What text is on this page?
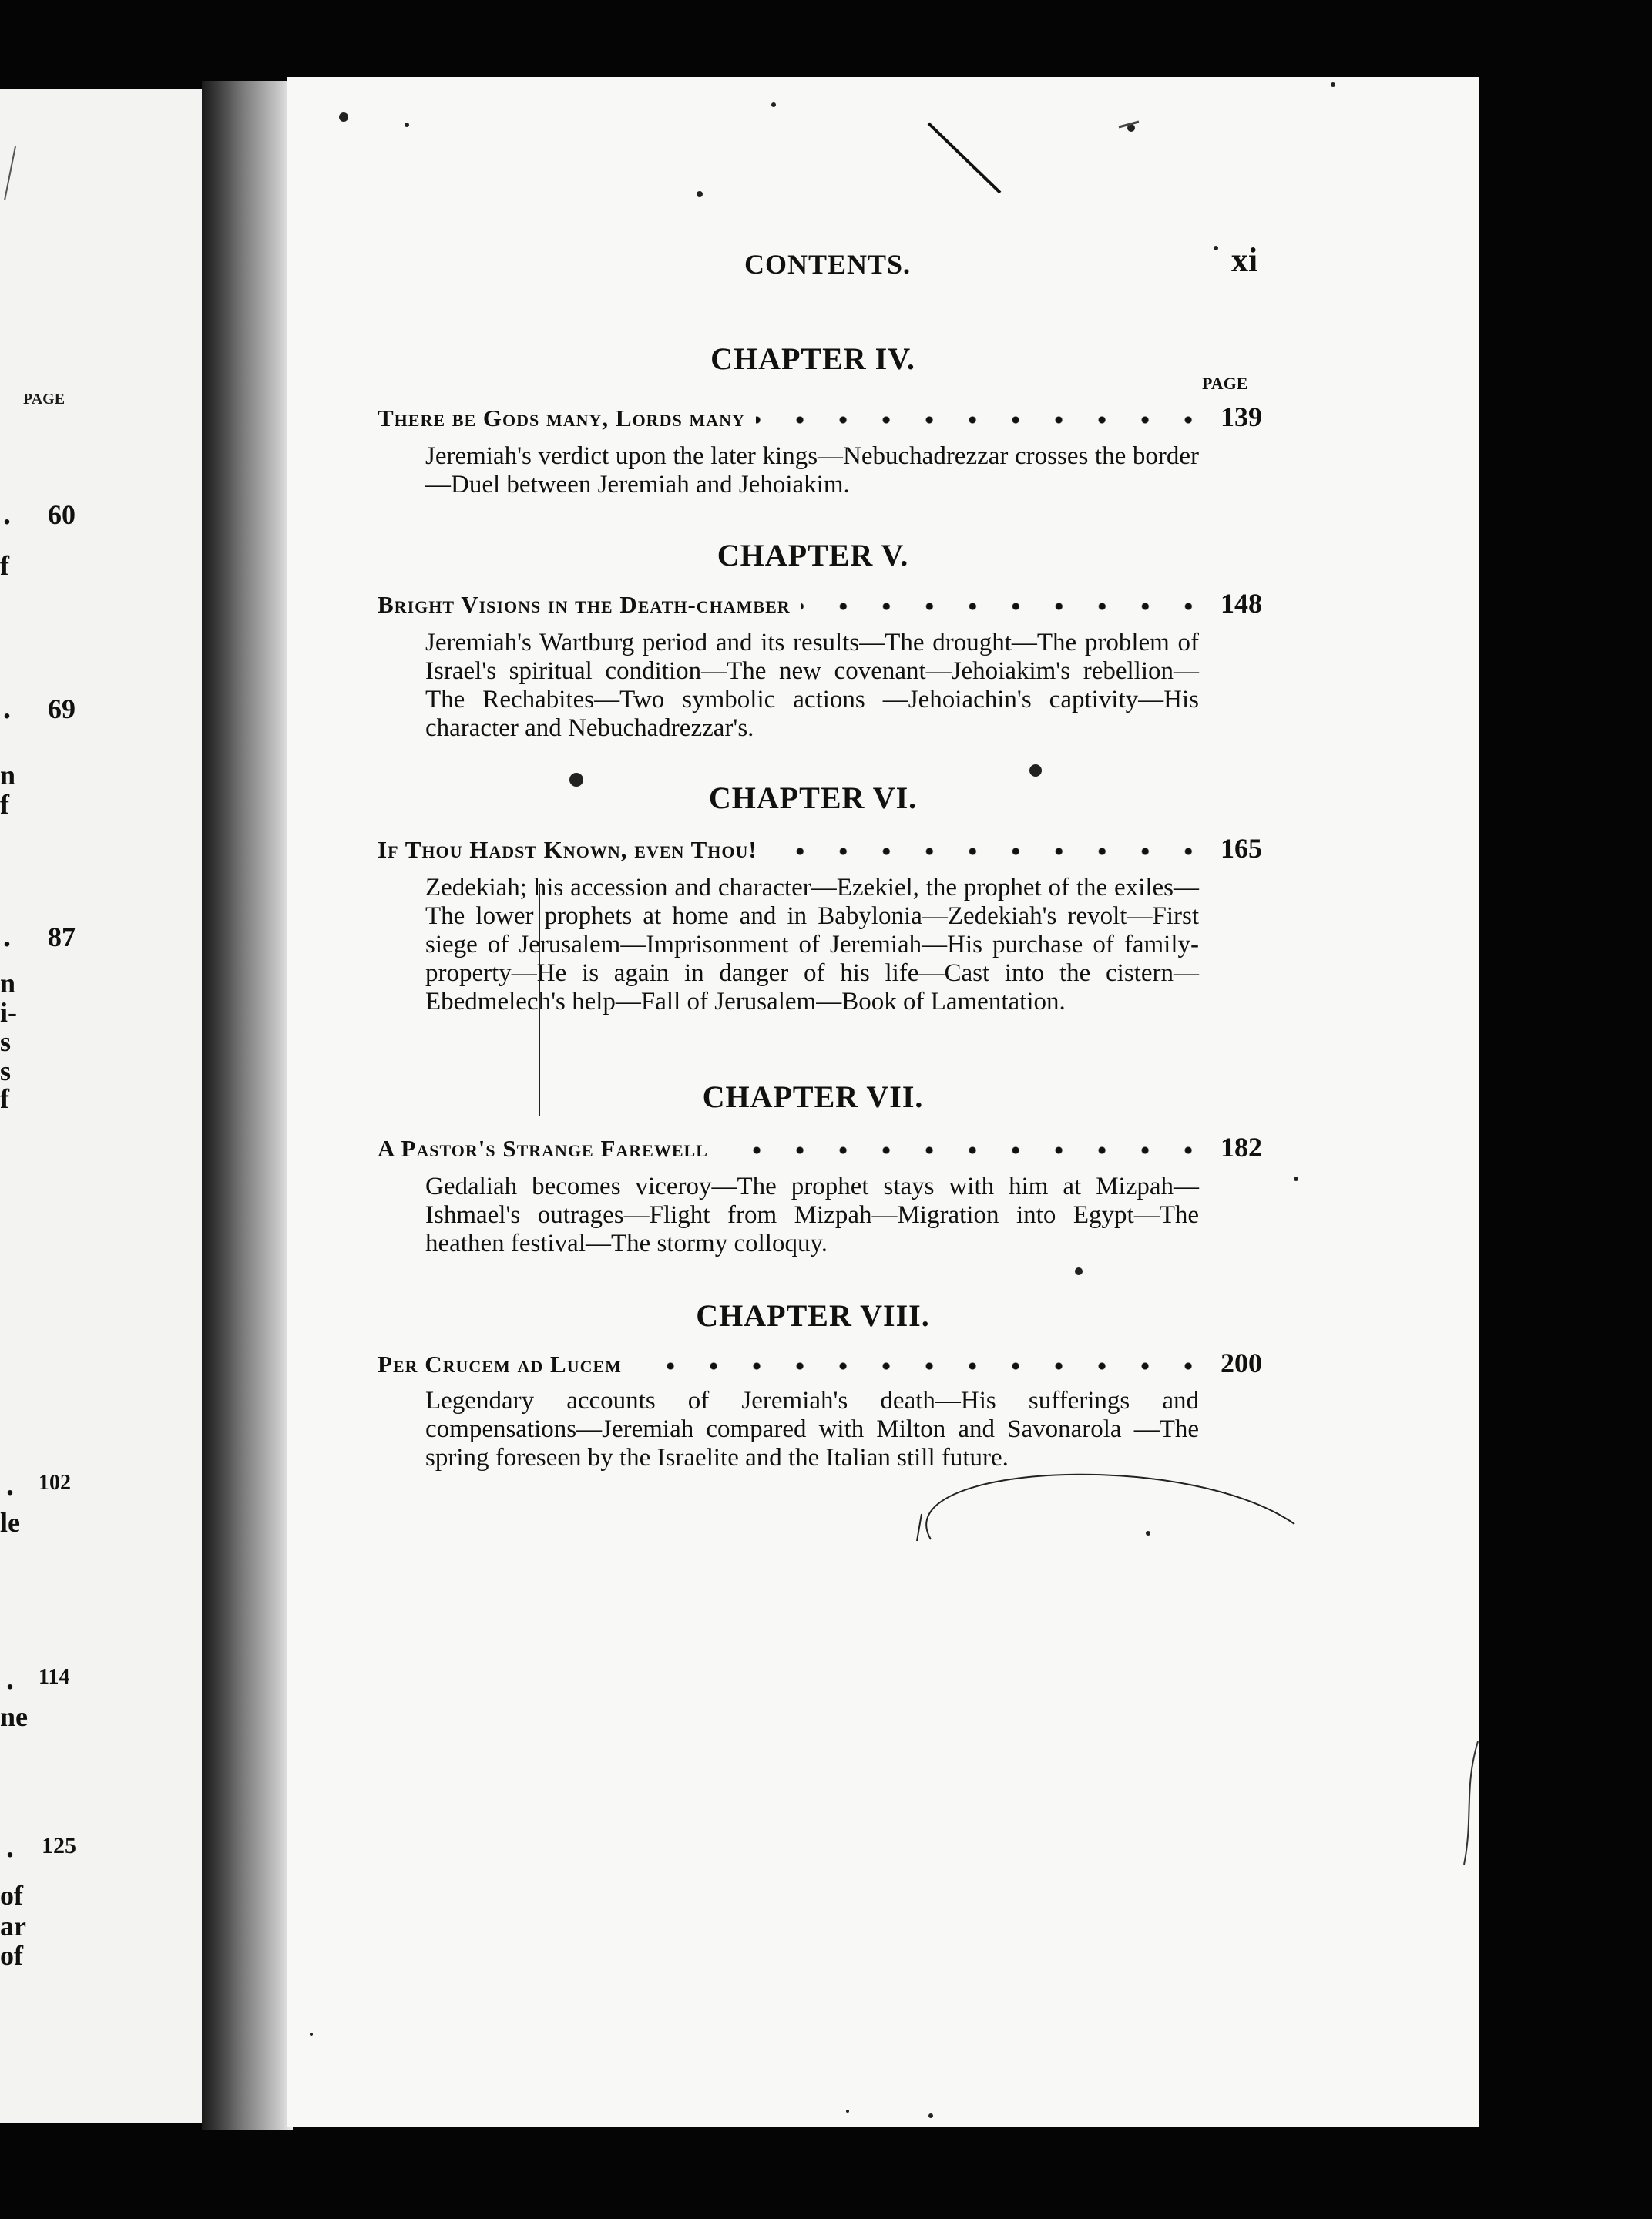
PAGE
. 60
f
. 69
n
f
. 87
n
i-
s
s
f
. 102
le
. 114
ne
. 125
of
ar
of
CONTENTS.	xi
PAGE
CHAPTER IV.
There be Gods many, Lords many	139
Jeremiah's verdict upon the later kings—Nebuchadrezzar crosses the border—Duel between Jeremiah and Jehoiakim.
CHAPTER V.
Bright Visions in the Death-chamber	148
Jeremiah's Wartburg period and its results—The drought—The problem of Israel's spiritual condition—The new covenant—Jehoiakim's rebellion—The Rechabites—Two symbolic actions —Jehoiachin's captivity—His character and Nebuchadrezzar's.
CHAPTER VI.
If Thou Hadst Known, even Thou!	165
Zedekiah; his accession and character—Ezekiel, the prophet of the exiles—The lower prophets at home and in Babylonia—Zedekiah's revolt—First siege of Jerusalem—Imprisonment of Jeremiah—His purchase of family-property—He is again in danger of his life—Cast into the cistern—Ebedmelech's help—Fall of Jerusalem—Book of Lamentation.
CHAPTER VII.
A Pastor's Strange Farewell	182
Gedaliah becomes viceroy—The prophet stays with him at Mizpah—Ishmael's outrages—Flight from Mizpah—Migration into Egypt—The heathen festival—The stormy colloquy.
CHAPTER VIII.
Per Crucem ad Lucem	200
Legendary accounts of Jeremiah's death—His sufferings and compensations—Jeremiah compared with Milton and Savonarola —The spring foreseen by the Israelite and the Italian still future.
